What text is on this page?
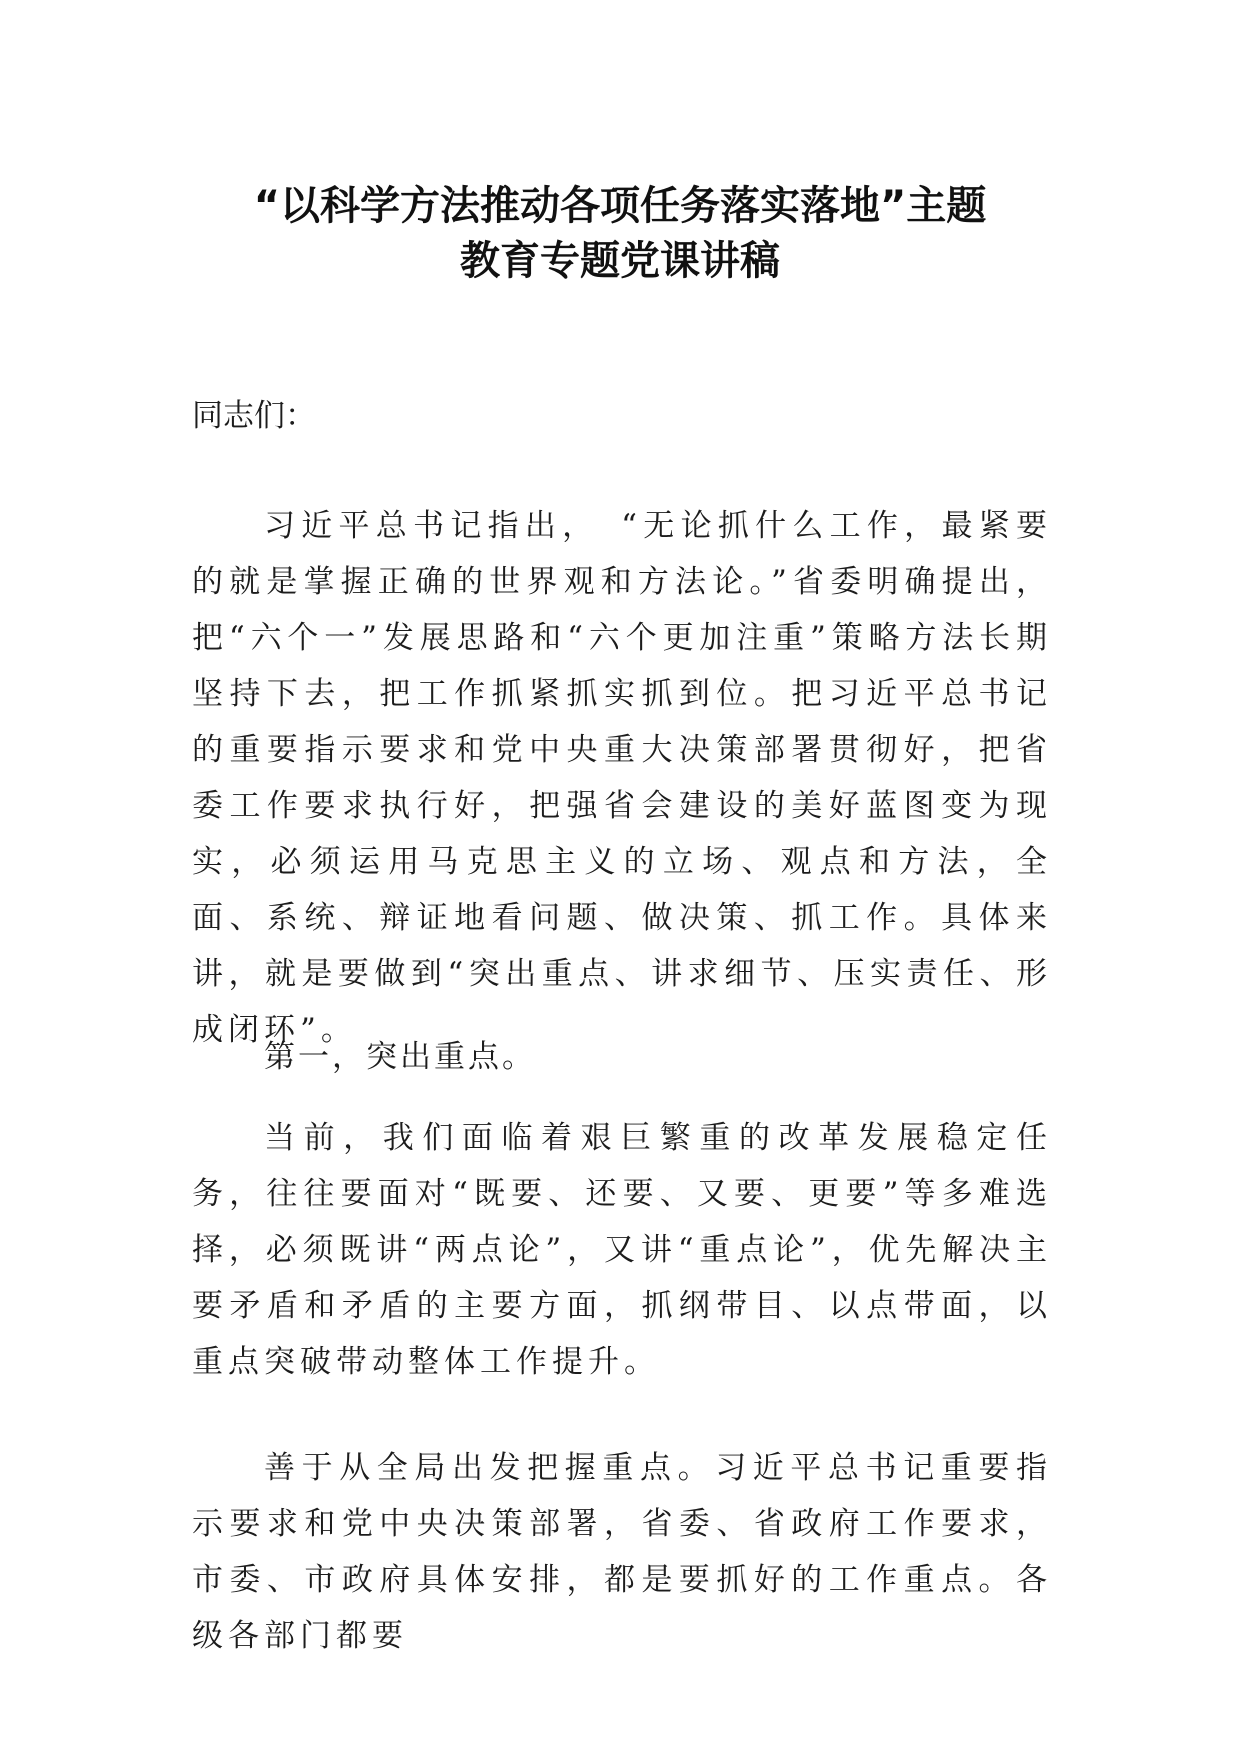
“以科学方法推动各项任务落实落地”主题
教育专题党课讲稿

同志们：

习近平总书记指出，　“无论抓什么工作，最紧要的就是掌握正确的世界观和方法论。”省委明确提出，把“六个一”发展思路和“六个更加注重”策略方法长期坚持下去，把工作抓紧抓实抓到位。把习近平总书记的重要指示要求和党中央重大决策部署贯彻好，把省委工作要求执行好，把强省会建设的美好蓝图变为现实，必须运用马克思主义的立场、观点和方法，全面、系统、辩证地看问题、做决策、抓工作。具体来讲，就是要做到“突出重点、讲求细节、压实责任、形成闭环”。

第一，突出重点。

当前，我们面临着艰巨繁重的改革发展稳定任务，往往要面对“既要、还要、又要、更要”等多难选择，必须既讲“两点论”，又讲“重点论”，优先解决主要矛盾和矛盾的主要方面，抓纲带目、以点带面，以重点突破带动整体工作提升。

善于从全局出发把握重点。习近平总书记重要指示要求和党中央决策部署，省委、省政府工作要求，市委、市政府具体安排，都是要抓好的工作重点。各级各部门都要
